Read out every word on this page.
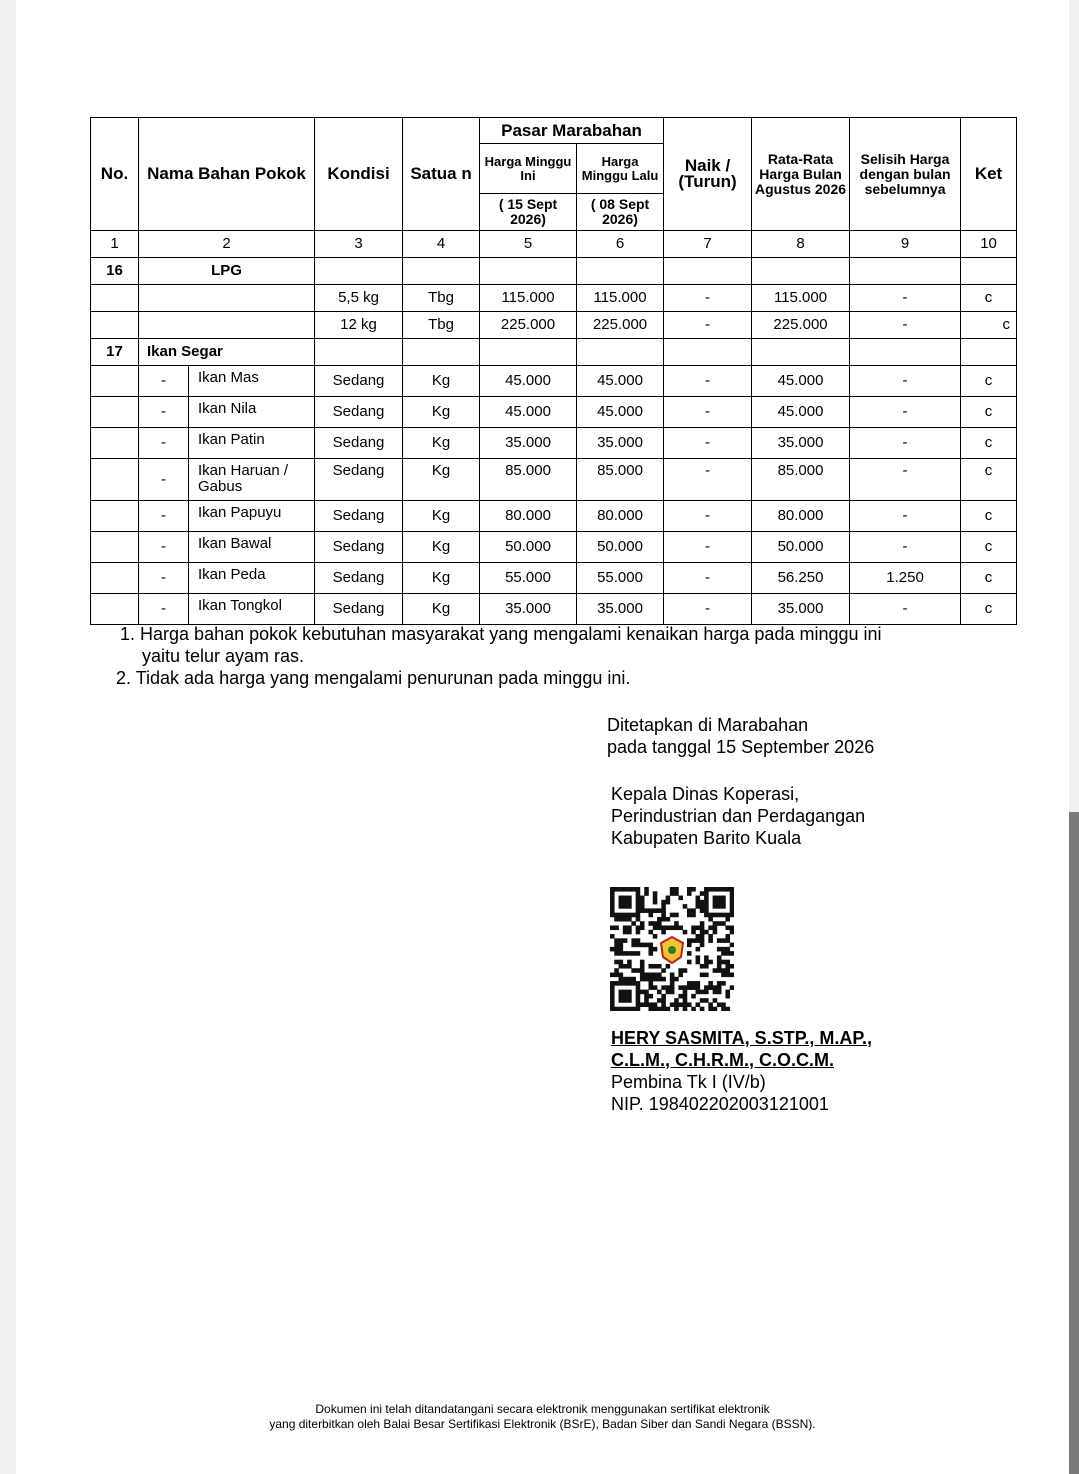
No.	Nama Bahan Pokok		Kondisi	Satua n	Pasar Marabahan		Naik / (Turun)	Rata-Rata Harga Bulan Agustus 2026	Selisih Harga dengan bulan sebelumnya	Ket
					Harga Minggu Ini	Harga Minggu Lalu				
					( 15 Sept 2026)	( 08 Sept 2026)				
1	2		3	4	5	6	7	8	9	10
16	LPG									
			5,5 kg	Tbg	115.000	115.000	-	115.000	-	c
			12 kg	Tbg	225.000	225.000	-	225.000	-	c
17	Ikan Segar									
	-	Ikan Mas	Sedang	Kg	45.000	45.000	-	45.000	-	c
	-	Ikan Nila	Sedang	Kg	45.000	45.000	-	45.000	-	c
	-	Ikan Patin	Sedang	Kg	35.000	35.000	-	35.000	-	c
	-	Ikan Haruan / Gabus	Sedang	Kg	85.000	85.000	-	85.000	-	c
	-	Ikan Papuyu	Sedang	Kg	80.000	80.000	-	80.000	-	c
	-	Ikan Bawal	Sedang	Kg	50.000	50.000	-	50.000	-	c
	-	Ikan Peda	Sedang	Kg	55.000	55.000	-	56.250	1.250	c
	-	Ikan Tongkol	Sedang	Kg	35.000	35.000	-	35.000	-	c
1. Harga bahan pokok kebutuhan masyarakat yang mengalami kenaikan harga pada minggu ini
yaitu telur ayam ras.
2. Tidak ada harga yang mengalami penurunan pada minggu ini.
Ditetapkan di Marabahan
pada tanggal 15 September 2026
Kepala Dinas Koperasi,
Perindustrian dan Perdagangan
Kabupaten Barito Kuala
HERY SASMITA, S.STP., M.AP.,
C.L.M., C.H.R.M., C.O.C.M.
Pembina Tk I (IV/b)
NIP. 198402202003121001
Dokumen ini telah ditandatangani secara elektronik menggunakan sertifikat elektronik
yang diterbitkan oleh Balai Besar Sertifikasi Elektronik (BSrE), Badan Siber dan Sandi Negara (BSSN).
